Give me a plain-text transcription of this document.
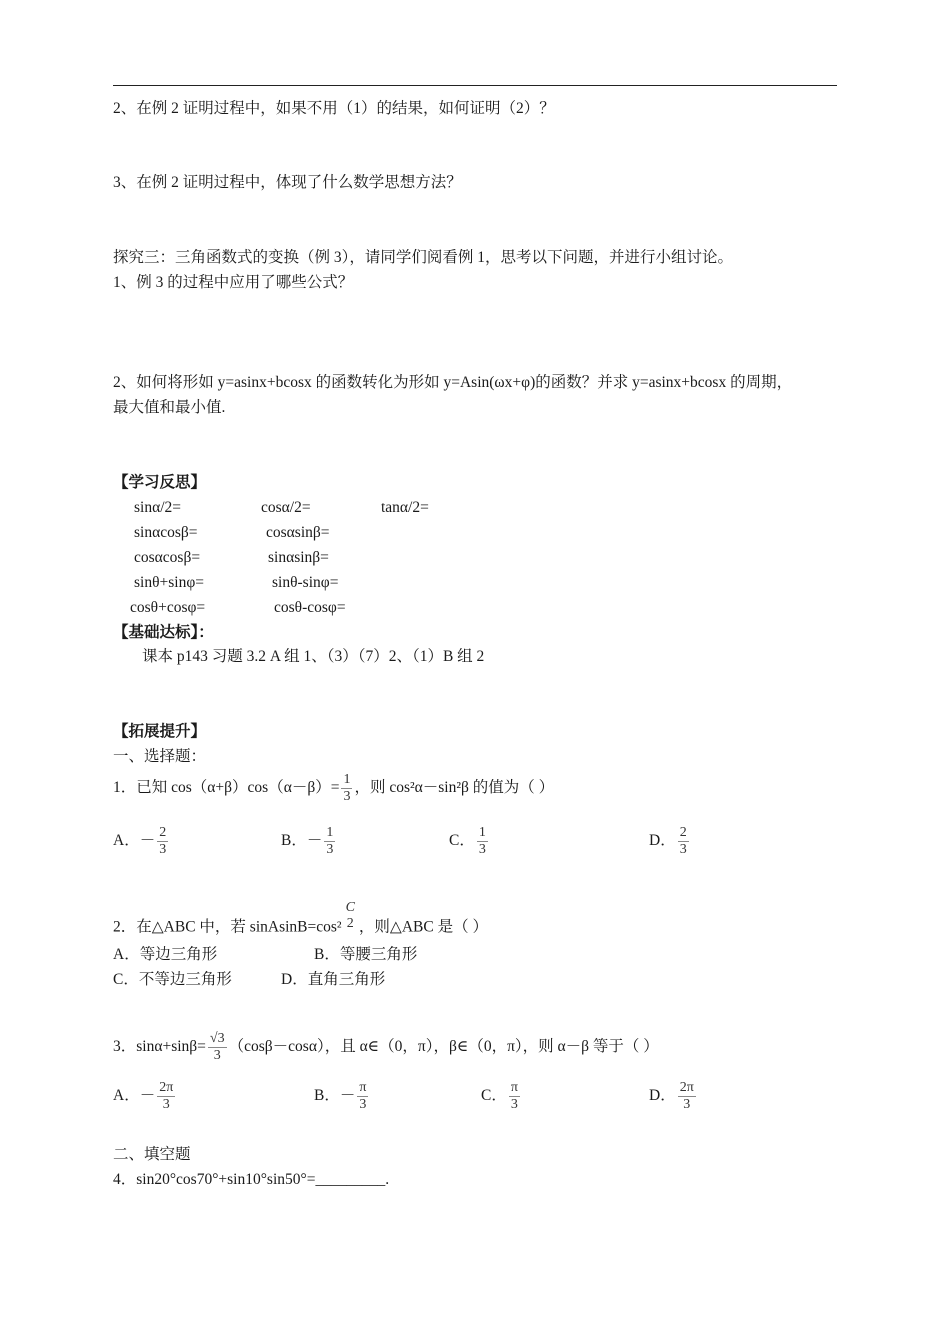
2、在例 2 证明过程中，如果不用（1）的结果，如何证明（2）？
3、在例 2 证明过程中，体现了什么数学思想方法？
探究三：三角函数式的变换（例 3），请同学们阅看例 1，思考以下问题，并进行小组讨论。
1、例 3 的过程中应用了哪些公式？
2、如何将形如 y=asinx+bcosx 的函数转化为形如 y=Asin(ωx+φ)的函数？并求 y=asinx+bcosx 的周期，
最大值和最小值.
【学习反思】
sinα/2=	cosα/2=	tanα/2=
sinαcosβ=	cosαsinβ=
cosαcosβ=	sinαsinβ=
sinθ+sinφ=	sinθ-sinφ=
cosθ+cosφ=	cosθ-cosφ=
【基础达标】：
课本 p143 习题 3.2 A 组 1、（3）（7）2、（1）B 组 2
【拓展提升】
一、选择题：
1．已知 $\cos(\alpha+\beta)\cos(\alpha-\beta)= \frac{1}{3}$ ，则 cos²α－sin²β 的值为（ ）
A．－ $\frac{2}{3}$	B．－ $\frac{1}{3}$	C． $\frac{1}{3}$	D． $\frac{2}{3}$
2．在△ABC 中，若 sinAsinB=cos²
C
2 ，则△ABC 是（ ）
A．等边三角形	B．等腰三角形
C．不等边三角形	D．直角三角形
3．$\sin\alpha+\sin\beta= \frac{√3}{3} (\cos\beta-\cos\alpha)$，且 α∈（0，π），β∈（0，π），则 α－β 等于（ ）
A．－ $\frac{2\pi}{3}$	B．－ $\frac{\pi}{3}$	C． $\frac{\pi}{3}$	D． $\frac{2\pi}{3}$
二、填空题
4．sin20°cos70°+sin10°sin50°=_________.
